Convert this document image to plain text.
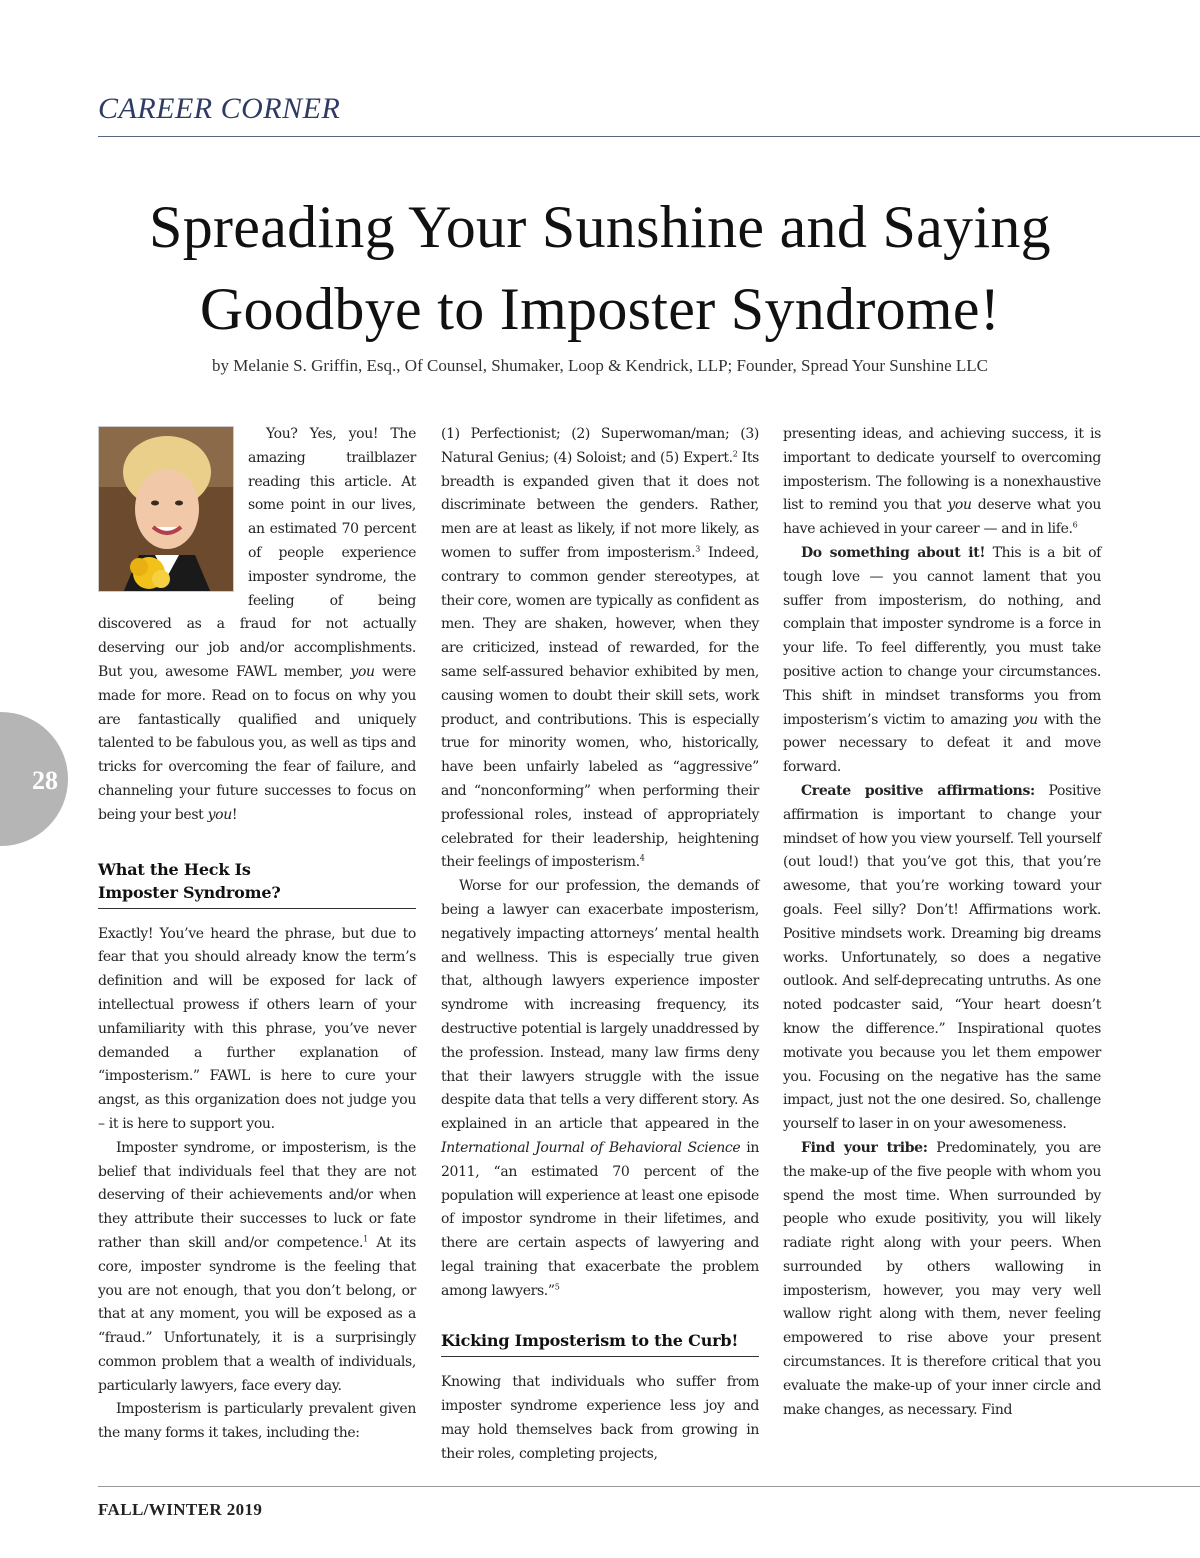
CAREER CORNER
Spreading Your Sunshine and Saying
Goodbye to Imposter Syndrome!
by Melanie S. Griffin, Esq., Of Counsel, Shumaker, Loop & Kendrick, LLP; Founder, Spread Your Sunshine LLC

You? Yes, you! The amazing trailblazer reading this article. At some point in our lives, an estimated 70 percent of people experience imposter syndrome, the feeling of being discovered as a fraud for not actually deserving our job and/or accomplishments. But you, awesome FAWL member, you were made for more. Read on to focus on why you are fantastically qualified and uniquely talented to be fabulous you, as well as tips and tricks for overcoming the fear of failure, and channeling your future successes to focus on being your best you!

What the Heck Is Imposter Syndrome?

Exactly! You’ve heard the phrase, but due to fear that you should already know the term’s definition and will be exposed for lack of intellectual prowess if others learn of your unfamiliarity with this phrase, you’ve never demanded a further explanation of “imposterism.” FAWL is here to cure your angst, as this organization does not judge you – it is here to support you.

Imposter syndrome, or imposterism, is the belief that individuals feel that they are not deserving of their achievements and/or when they attribute their successes to luck or fate rather than skill and/or competence.$^1$ At its core, imposter syndrome is the feeling that you are not enough, that you don’t belong, or that at any moment, you will be exposed as a “fraud.” Unfortunately, it is a surprisingly common problem that a wealth of individuals, particularly lawyers, face every day.

Imposterism is particularly prevalent given the many forms it takes, including the:

(1) Perfectionist; (2) Superwoman/man; (3) Natural Genius; (4) Soloist; and (5) Expert.$^2$ Its breadth is expanded given that it does not discriminate between the genders. Rather, men are at least as likely, if not more likely, as women to suffer from imposterism.$^3$ Indeed, contrary to common gender stereotypes, at their core, women are typically as confident as men. They are shaken, however, when they are criticized, instead of rewarded, for the same self-assured behavior exhibited by men, causing women to doubt their skill sets, work product, and contributions. This is especially true for minority women, who, historically, have been unfairly labeled as “aggressive” and “nonconforming” when performing their professional roles, instead of appropriately celebrated for their leadership, heightening their feelings of imposterism.$^4$

Worse for our profession, the demands of being a lawyer can exacerbate imposterism, negatively impacting attorneys’ mental health and wellness. This is especially true given that, although lawyers experience imposter syndrome with increasing frequency, its destructive potential is largely unaddressed by the profession. Instead, many law firms deny that their lawyers struggle with the issue despite data that tells a very different story. As explained in an article that appeared in the International Journal of Behavioral Science in 2011, “an estimated 70 percent of the population will experience at least one episode of impostor syndrome in their lifetimes, and there are certain aspects of lawyering and legal training that exacerbate the problem among lawyers.”$^5$

Kicking Imposterism to the Curb!

Knowing that individuals who suffer from imposter syndrome experience less joy and may hold themselves back from growing in their roles, completing projects,

presenting ideas, and achieving success, it is important to dedicate yourself to overcoming imposterism. The following is a nonexhaustive list to remind you that you deserve what you have achieved in your career — and in life.$^6$

Do something about it! This is a bit of tough love — you cannot lament that you suffer from imposterism, do nothing, and complain that imposter syndrome is a force in your life. To feel differently, you must take positive action to change your circumstances. This shift in mindset transforms you from imposterism’s victim to amazing you with the power necessary to defeat it and move forward.

Create positive affirmations: Positive affirmation is important to change your mindset of how you view yourself. Tell yourself (out loud!) that you’ve got this, that you’re awesome, that you’re working toward your goals. Feel silly? Don’t! Affirmations work. Positive mindsets work. Dreaming big dreams works. Unfortunately, so does a negative outlook. And self-deprecating untruths. As one noted podcaster said, “Your heart doesn’t know the difference.” Inspirational quotes motivate you because you let them empower you. Focusing on the negative has the same impact, just not the one desired. So, challenge yourself to laser in on your awesomeness.

Find your tribe: Predominately, you are the make-up of the five people with whom you spend the most time. When surrounded by people who exude positivity, you will likely radiate right along with your peers. When surrounded by others wallowing in imposterism, however, you may very well wallow right along with them, never feeling empowered to rise above your present circumstances. It is therefore critical that you evaluate the make-up of your inner circle and make changes, as necessary. Find

28
FALL/WINTER 2019
